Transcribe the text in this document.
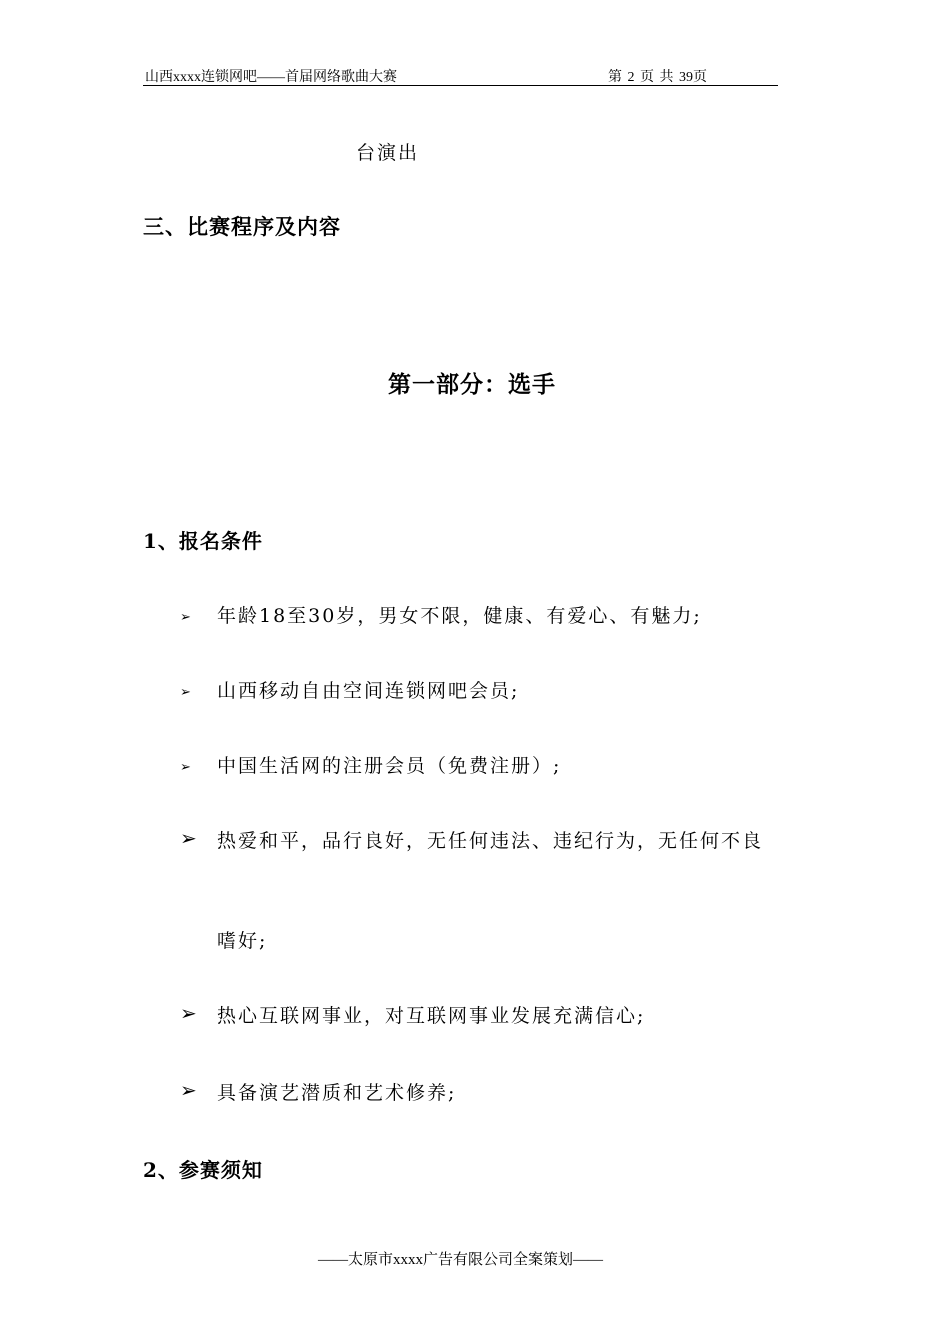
山西xxxx连锁网吧——首届网络歌曲大赛	第 2 页 共 39页
台演出
三、比赛程序及内容
第一部分：选手
1、报名条件
➢ 年龄18至30岁，男女不限，健康、有爱心、有魅力;
➢ 山西移动自由空间连锁网吧会员;
➢ 中国生活网的注册会员（免费注册）;
➢ 热爱和平，品行良好，无任何违法、违纪行为，无任何不良
嗜好;
➢ 热心互联网事业，对互联网事业发展充满信心;
➢ 具备演艺潜质和艺术修养;
2、参赛须知
——太原市xxxx广告有限公司全案策划——
